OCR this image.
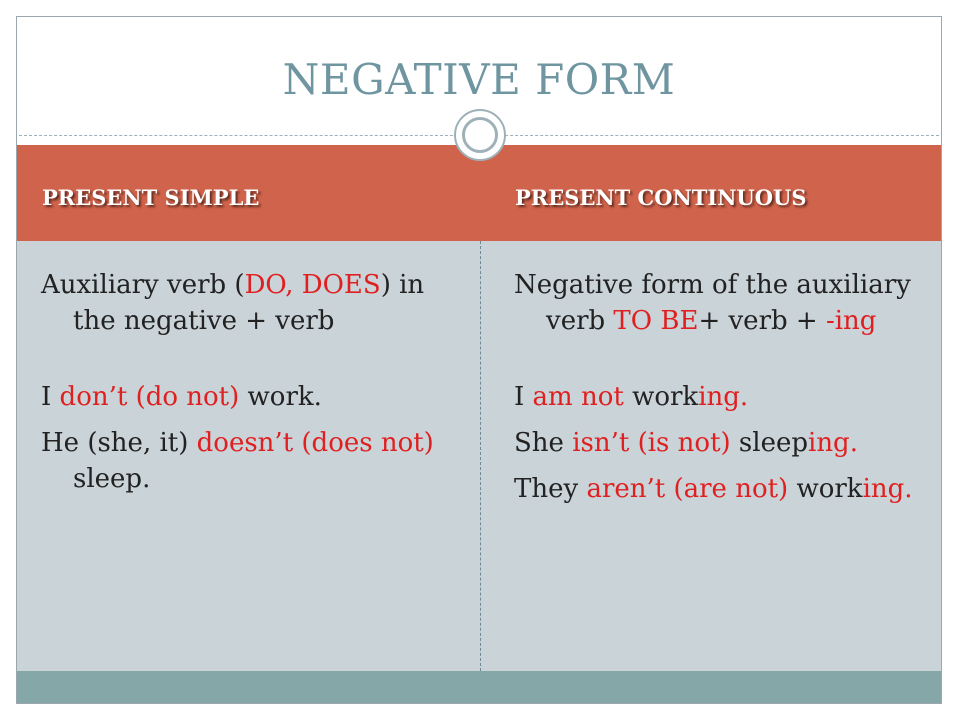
NEGATIVE FORM
PRESENT SIMPLE	PRESENT CONTINUOUS

Auxiliary verb (DO, DOES) in the negative + verb

I don’t (do not) work.

He (she, it) doesn’t (does not) sleep.

Negative form of the auxiliary verb TO BE+ verb + -ing

I am not working.

She isn’t (is not) sleeping.

They aren’t (are not) working.
